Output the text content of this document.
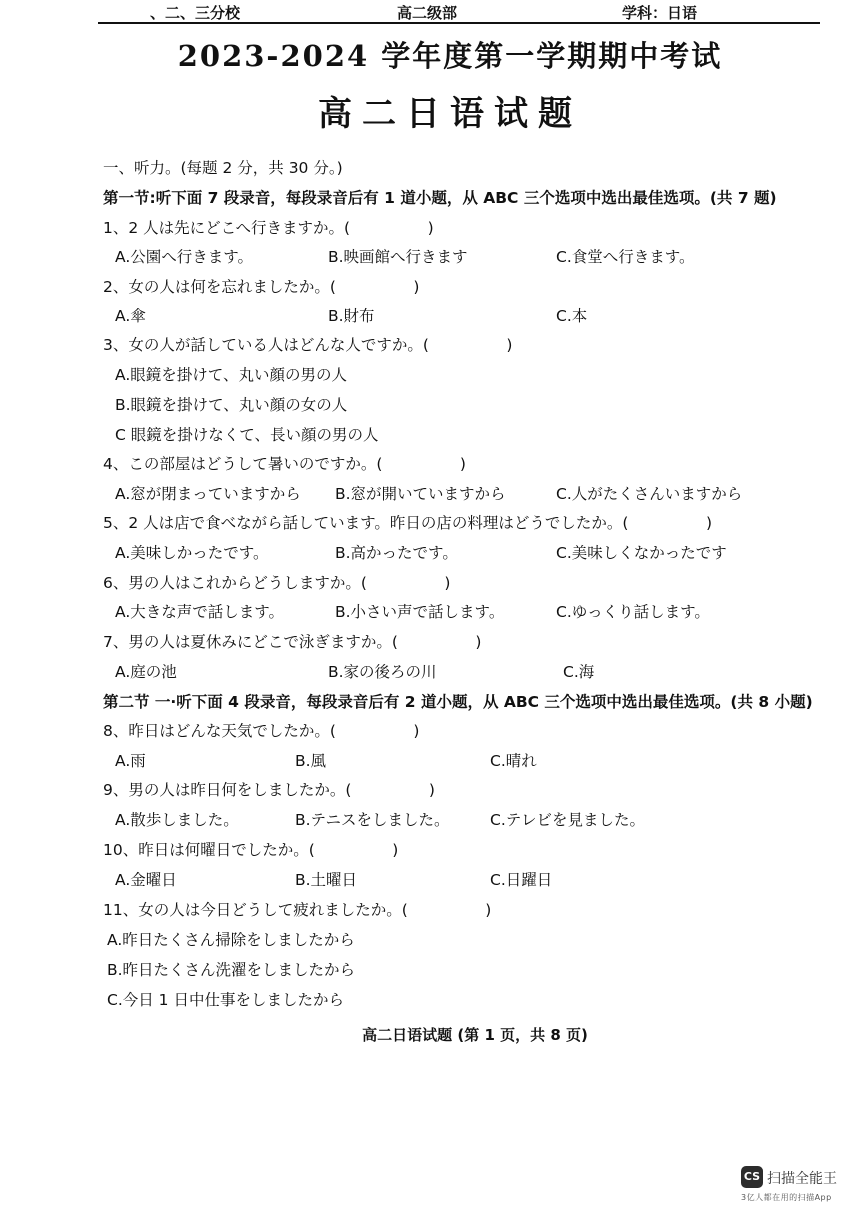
、二、三分校	高二级部	学科：日语
2023-2024 学年度第一学期期中考试
高二日语试题
一、听力。(每题 2 分，共 30 分。)
第一节:听下面 7 段录音，每段录音后有 1 道小题，从 ABC 三个选项中选出最佳选项。(共 7 题)
1、2 人は先にどこへ行きますか。(　　　　　)
A.公園へ行きます。	B.映画館へ行きます	C.食堂へ行きます。
2、女の人は何を忘れましたか。(　　　　　)
A.傘	B.財布	C.本
3、女の人が話している人はどんな人ですか。(　　　　　)
A.眼鏡を掛けて、丸い顔の男の人
B.眼鏡を掛けて、丸い顔の女の人
C 眼鏡を掛けなくて、長い顔の男の人
4、この部屋はどうして暑いのですか。(　　　　　)
A.窓が閉まっていますから B.窓が開いていますから	C.人がたくさんいますから
5、2 人は店で食べながら話しています。昨日の店の料理はどうでしたか。(　　　　　)
A.美味しかったです。	B.高かったです。	C.美味しくなかったです
6、男の人はこれからどうしますか。(　　　　　)
A.大きな声で話します。	B.小さい声で話します。	C.ゆっくり話します。
7、男の人は夏休みにどこで泳ぎますか。(　　　　　)
A.庭の池	B.家の後ろの川	C.海
第二节 一·听下面 4 段录音，每段录音后有 2 道小题，从 ABC 三个选项中选出最佳选项。(共 8 小题)
8、昨日はどんな天気でしたか。(　　　　　)
A.雨	B.風	C.晴れ
9、男の人は昨日何をしましたか。(　　　　　)
A.散歩しました。	B.テニスをしました。	C.テレビを見ました。
10、昨日は何曜日でしたか。(　　　　　)
A.金曜日	B.土曜日	C.日躍日
11、女の人は今日どうして疲れましたか。(　　　　　)
A.昨日たくさん掃除をしましたから
B.昨日たくさん洗濯をしましたから
C.今日 1 日中仕事をしましたから
高二日语试题 (第 1 页，共 8 页)
CS 扫描全能王
3亿人都在用的扫描App
